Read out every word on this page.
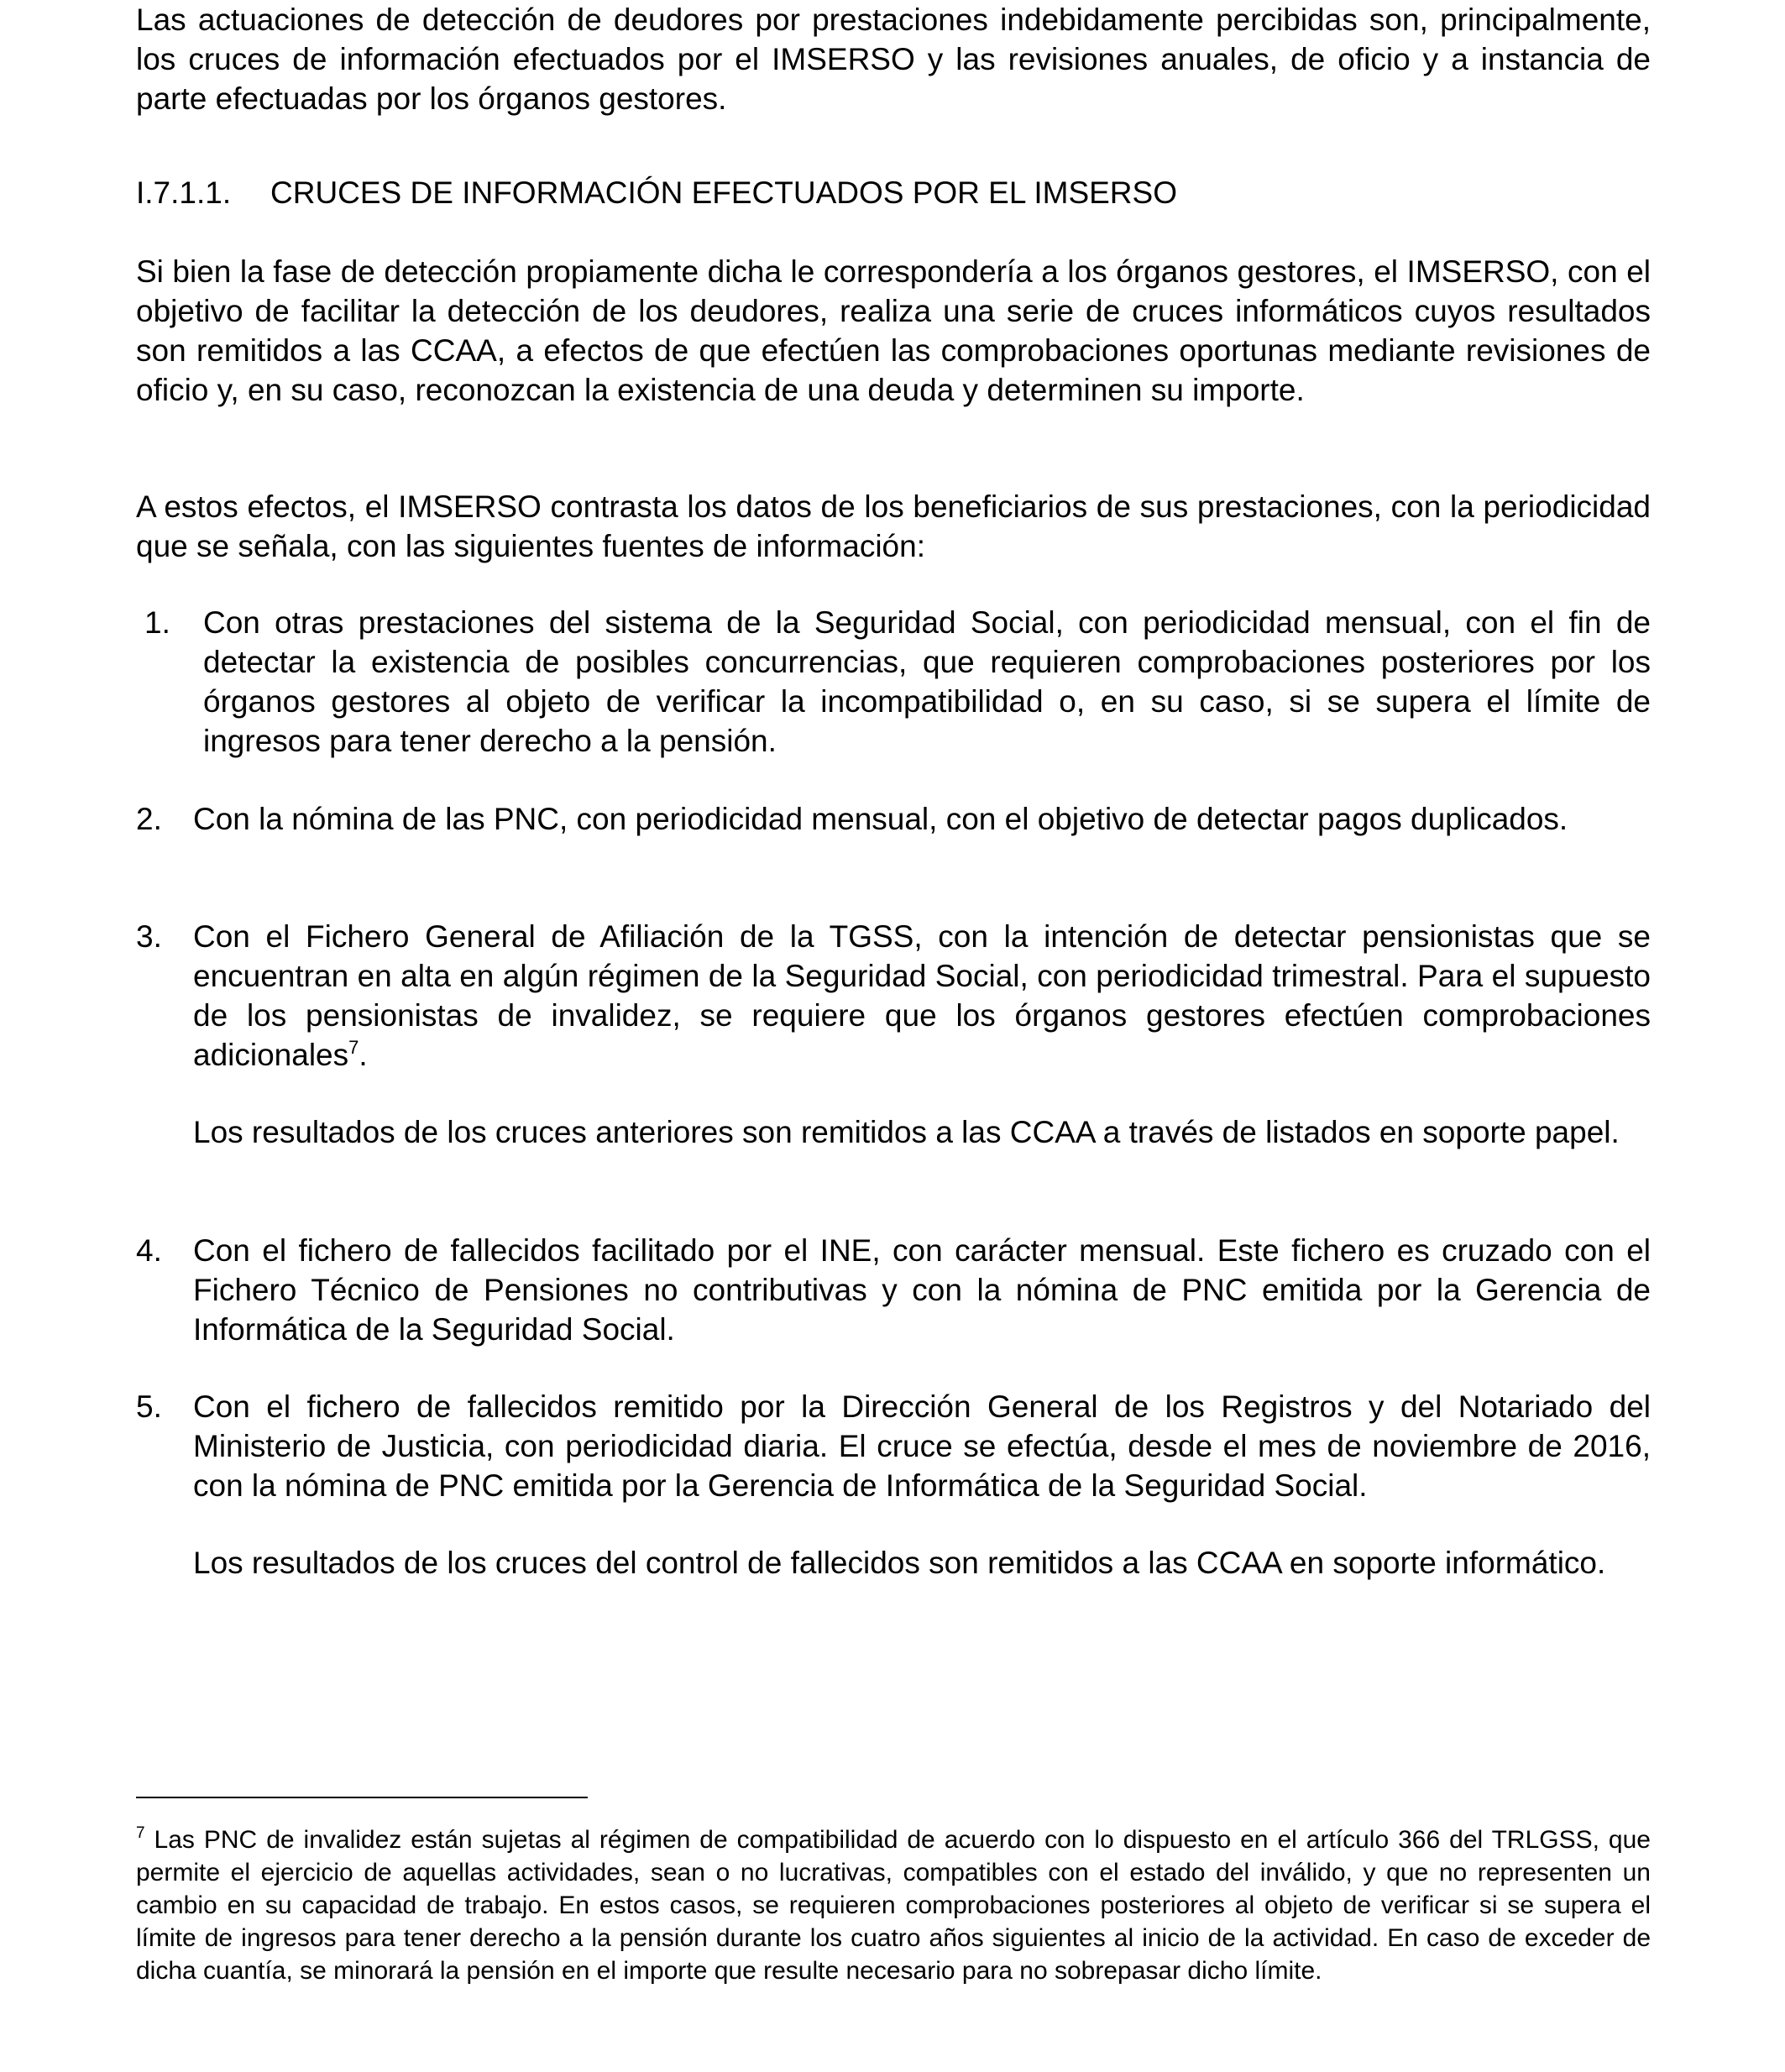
Las actuaciones de detección de deudores por prestaciones indebidamente percibidas son, principalmente, los cruces de información efectuados por el IMSERSO y las revisiones anuales, de oficio y a instancia de parte efectuadas por los órganos gestores.

I.7.1.1. CRUCES DE INFORMACIÓN EFECTUADOS POR EL IMSERSO

Si bien la fase de detección propiamente dicha le correspondería a los órganos gestores, el IMSERSO, con el objetivo de facilitar la detección de los deudores, realiza una serie de cruces informáticos cuyos resultados son remitidos a las CCAA, a efectos de que efectúen las comprobaciones oportunas mediante revisiones de oficio y, en su caso, reconozcan la existencia de una deuda y determinen su importe.

A estos efectos, el IMSERSO contrasta los datos de los beneficiarios de sus prestaciones, con la periodicidad que se señala, con las siguientes fuentes de información:

1. Con otras prestaciones del sistema de la Seguridad Social, con periodicidad mensual, con el fin de detectar la existencia de posibles concurrencias, que requieren comprobaciones posteriores por los órganos gestores al objeto de verificar la incompatibilidad o, en su caso, si se supera el límite de ingresos para tener derecho a la pensión.

2. Con la nómina de las PNC, con periodicidad mensual, con el objetivo de detectar pagos duplicados.

3. Con el Fichero General de Afiliación de la TGSS, con la intención de detectar pensionistas que se encuentran en alta en algún régimen de la Seguridad Social, con periodicidad trimestral. Para el supuesto de los pensionistas de invalidez, se requiere que los órganos gestores efectúen comprobaciones adicionales$^7$.

Los resultados de los cruces anteriores son remitidos a las CCAA a través de listados en soporte papel.

4. Con el fichero de fallecidos facilitado por el INE, con carácter mensual. Este fichero es cruzado con el Fichero Técnico de Pensiones no contributivas y con la nómina de PNC emitida por la Gerencia de Informática de la Seguridad Social.

5. Con el fichero de fallecidos remitido por la Dirección General de los Registros y del Notariado del Ministerio de Justicia, con periodicidad diaria. El cruce se efectúa, desde el mes de noviembre de 2016, con la nómina de PNC emitida por la Gerencia de Informática de la Seguridad Social.

Los resultados de los cruces del control de fallecidos son remitidos a las CCAA en soporte informático.

$^7$ Las PNC de invalidez están sujetas al régimen de compatibilidad de acuerdo con lo dispuesto en el artículo 366 del TRLGSS, que permite el ejercicio de aquellas actividades, sean o no lucrativas, compatibles con el estado del inválido, y que no representen un cambio en su capacidad de trabajo. En estos casos, se requieren comprobaciones posteriores al objeto de verificar si se supera el límite de ingresos para tener derecho a la pensión durante los cuatro años siguientes al inicio de la actividad. En caso de exceder de dicha cuantía, se minorará la pensión en el importe que resulte necesario para no sobrepasar dicho límite.
